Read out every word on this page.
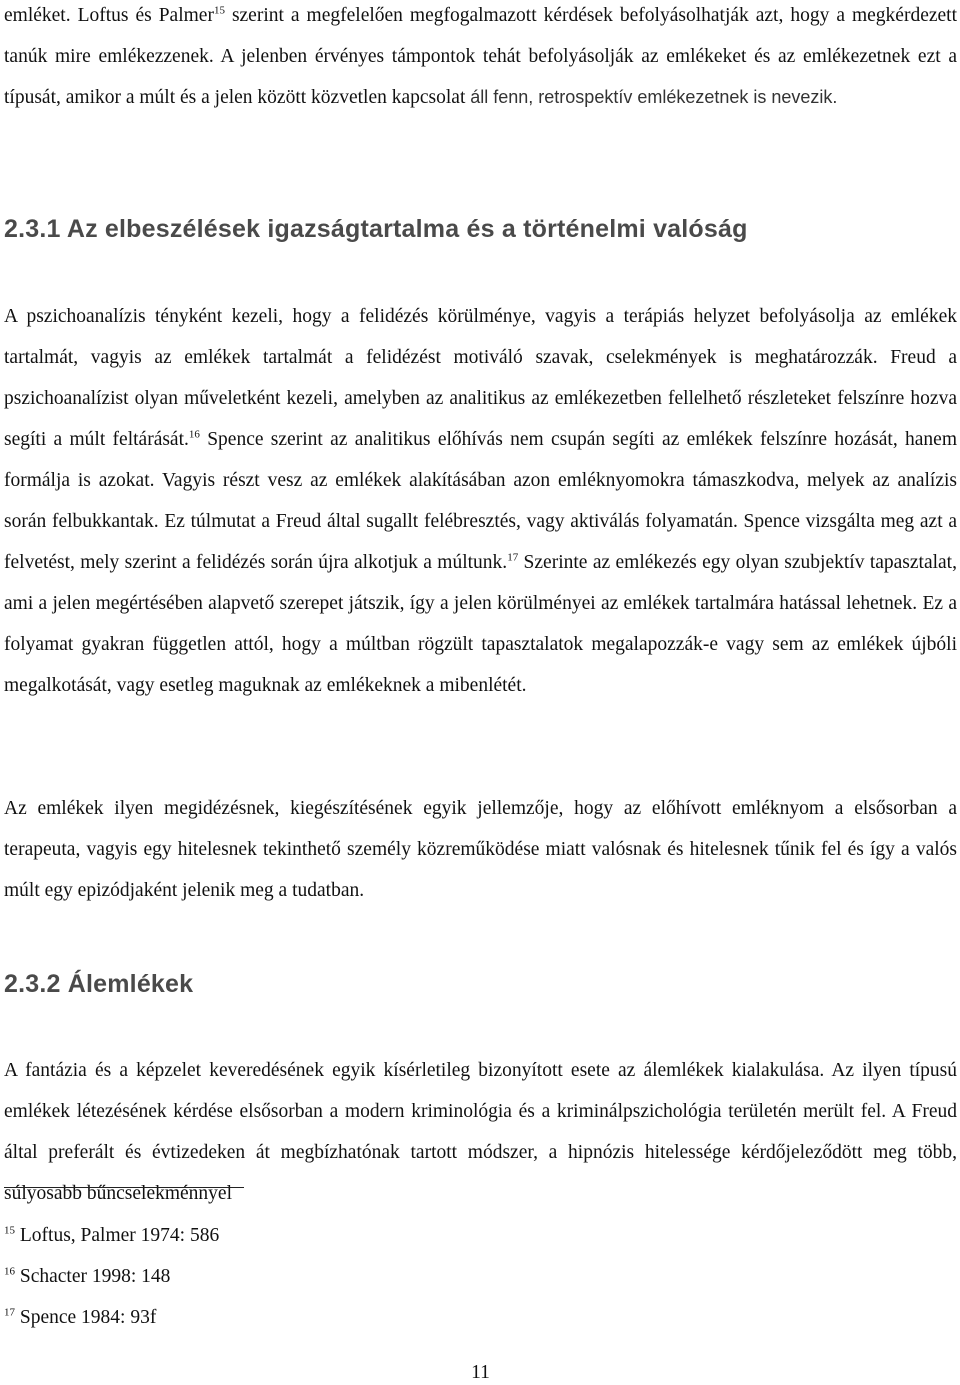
emléket. Loftus és Palmer$^{15}$ szerint a megfelelően megfogalmazott kérdések befolyásolhatják azt, hogy a megkérdezett tanúk mire emlékezzenek. A jelenben érvényes támpontok tehát befolyásolják az emlékeket és az emlékezetnek ezt a típusát, amikor a múlt és a jelen között közvetlen kapcsolat áll fenn, retrospektív emlékezetnek is nevezik.
2.3.1 Az elbeszélések igazságtartalma és a történelmi valóság
A pszichoanalízis tényként kezeli, hogy a felidézés körülménye, vagyis a terápiás helyzet befolyásolja az emlékek tartalmát, vagyis az emlékek tartalmát a felidézést motiváló szavak, cselekmények is meghatározzák. Freud a pszichoanalízist olyan műveletként kezeli, amelyben az analitikus az emlékezetben fellelhető részleteket felszínre hozva segíti a múlt feltárását.$^{16}$ Spence szerint az analitikus előhívás nem csupán segíti az emlékek felszínre hozását, hanem formálja is azokat. Vagyis részt vesz az emlékek alakításában azon emléknyomokra támaszkodva, melyek az analízis során felbukkantak. Ez túlmutat a Freud által sugallt felébresztés, vagy aktiválás folyamatán. Spence vizsgálta meg azt a felvetést, mely szerint a felidézés során újra alkotjuk a múltunk.$^{17}$ Szerinte az emlékezés egy olyan szubjektív tapasztalat, ami a jelen megértésében alapvető szerepet játszik, így a jelen körülményei az emlékek tartalmára hatással lehetnek. Ez a folyamat gyakran független attól, hogy a múltban rögzült tapasztalatok megalapozzák-e vagy sem az emlékek újbóli megalkotását, vagy esetleg maguknak az emlékeknek a mibenlétét.
Az emlékek ilyen megidézésnek, kiegészítésének egyik jellemzője, hogy az előhívott emléknyom a elsősorban a terapeuta, vagyis egy hitelesnek tekinthető személy közreműködése miatt valósnak és hitelesnek tűnik fel és így a valós múlt egy epizódjaként jelenik meg a tudatban.
2.3.2 Álemlékek
A fantázia és a képzelet keveredésének egyik kísérletileg bizonyított esete az álemlékek kialakulása. Az ilyen típusú emlékek létezésének kérdése elsősorban a modern kriminológia és a kriminálpszichológia területén merült fel. A Freud által preferált és évtizedeken át megbízhatónak tartott módszer, a hipnózis hitelessége kérdőjeleződött meg több, súlyosabb bűncselekménnyel
$^{15}$ Loftus, Palmer 1974: 586
$^{16}$ Schacter 1998: 148
$^{17}$ Spence 1984: 93f
11
